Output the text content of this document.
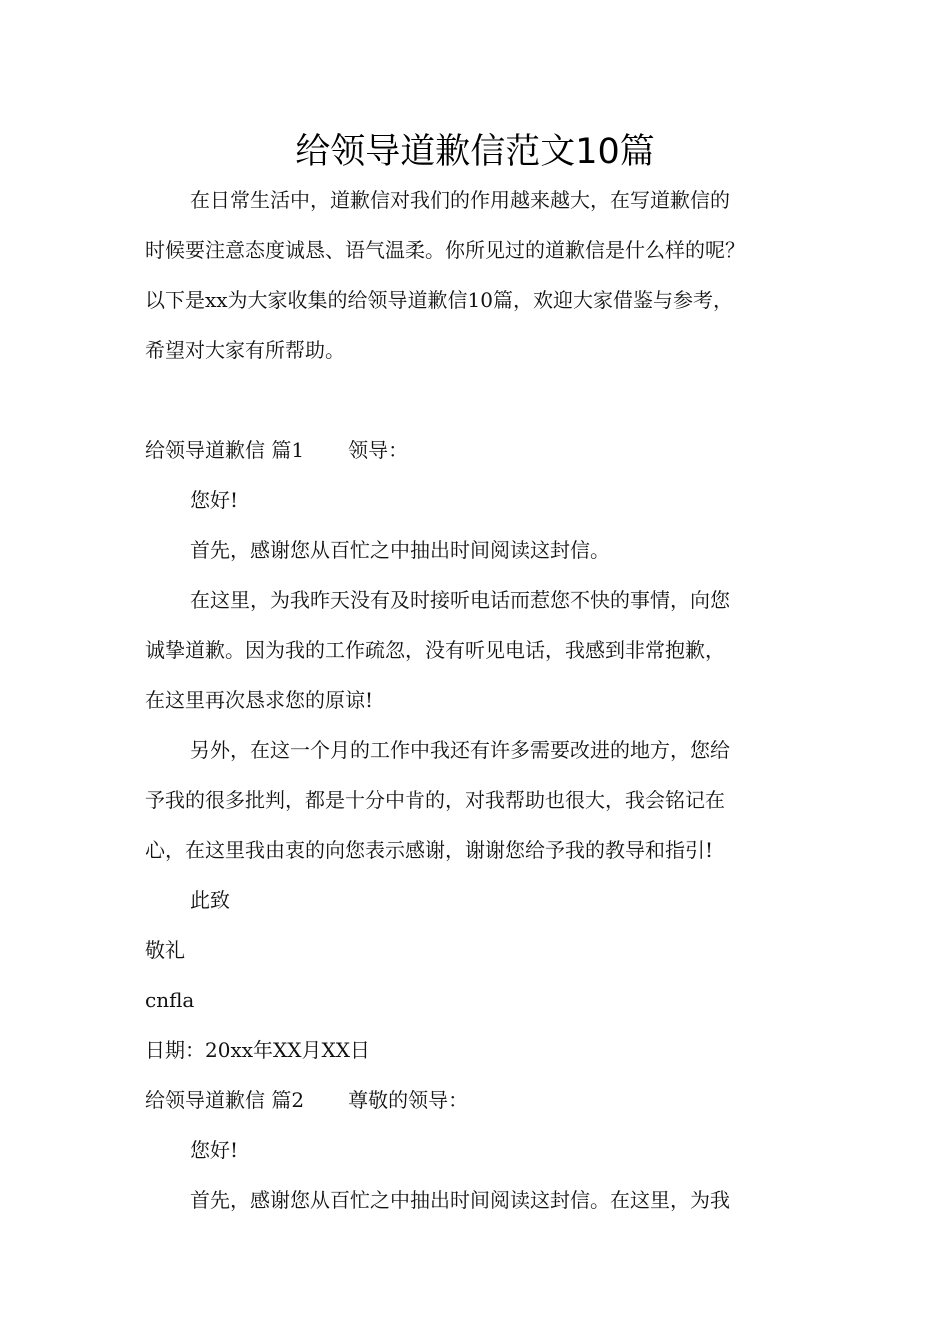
给领导道歉信范文10篇
在日常生活中，道歉信对我们的作用越来越大，在写道歉信的
时候要注意态度诚恳、语气温柔。你所见过的道歉信是什么样的呢？
以下是xx为大家收集的给领导道歉信10篇，欢迎大家借鉴与参考，
希望对大家有所帮助。
给领导道歉信 篇1 领导：
您好!
首先，感谢您从百忙之中抽出时间阅读这封信。
在这里，为我昨天没有及时接听电话而惹您不快的事情，向您
诚挚道歉。因为我的工作疏忽，没有听见电话，我感到非常抱歉，
在这里再次恳求您的原谅!
另外，在这一个月的工作中我还有许多需要改进的地方，您给
予我的很多批判，都是十分中肯的，对我帮助也很大，我会铭记在
心，在这里我由衷的向您表示感谢，谢谢您给予我的教导和指引!
此致
敬礼
cnfla
日期：20xx年XX月XX日
给领导道歉信 篇2 尊敬的领导：
您好!
首先，感谢您从百忙之中抽出时间阅读这封信。在这里，为我
